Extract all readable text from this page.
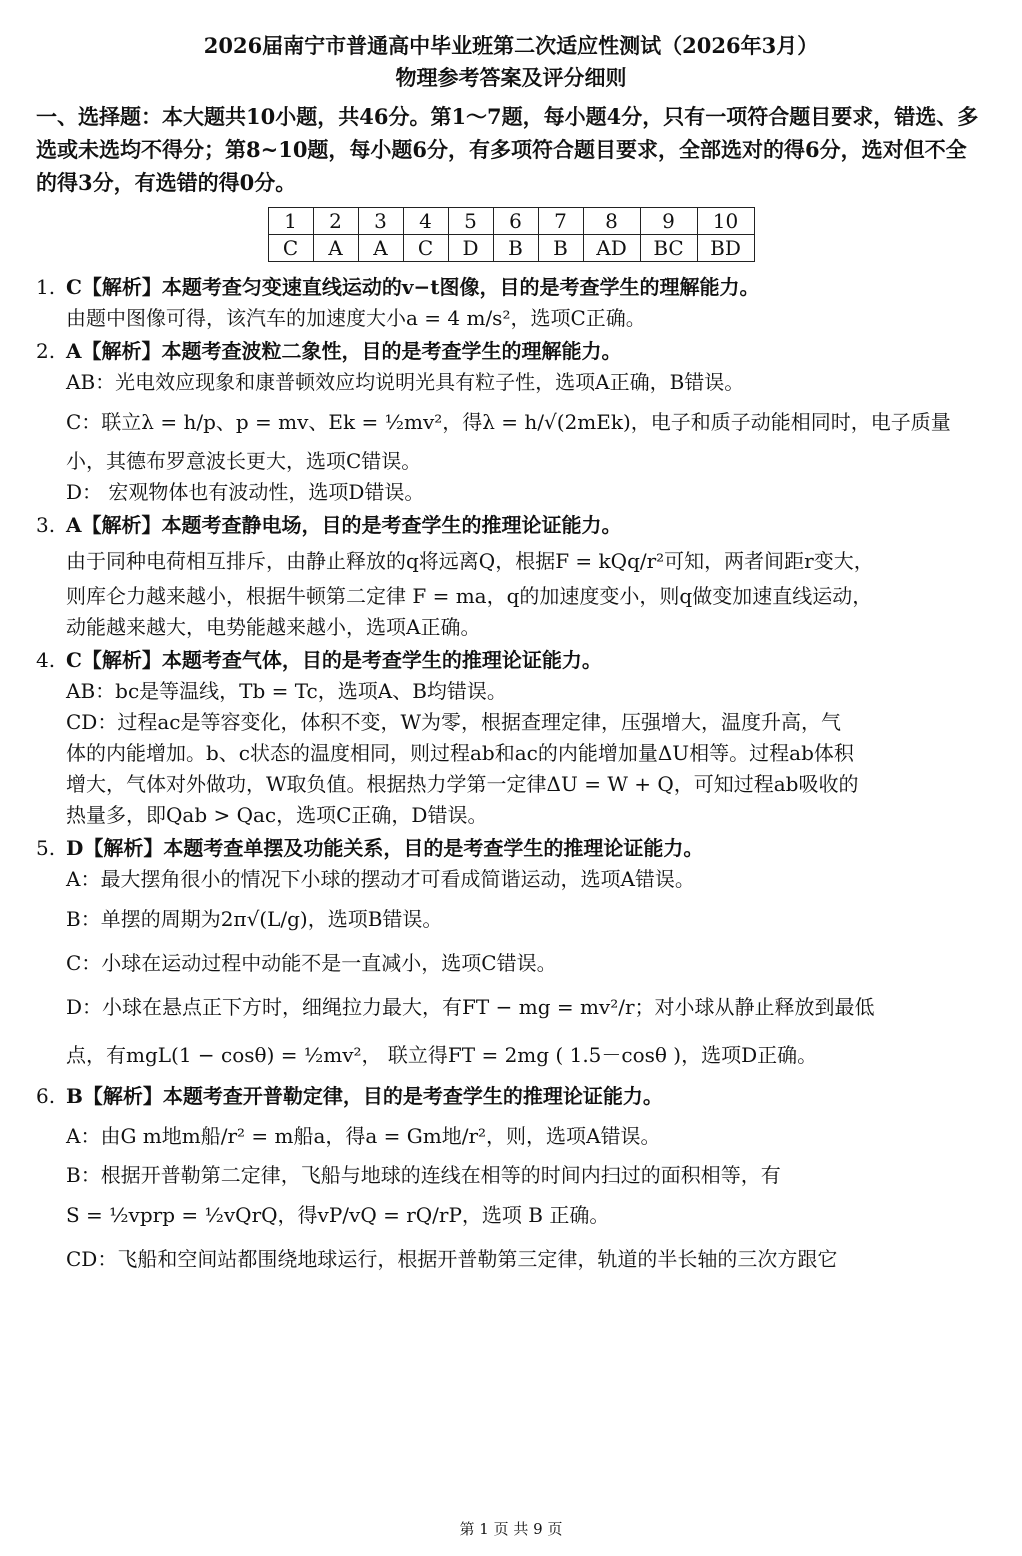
2026届南宁市普通高中毕业班第二次适应性测试（2026年3月）
物理参考答案及评分细则
一、选择题：本大题共10小题，共46分。第1～7题，每小题4分，只有一项符合题目要求，错选、多选或未选均不得分；第8~10题，每小题6分，有多项符合题目要求，全部选对的得6分，选对但不全的得3分，有选错的得0分。
1	2	3	4	5	6	7	8	9	10
C	A	A	C	D	B	B	AD	BC	BD
1. C【解析】本题考查匀变速直线运动的v−t图像，目的是考查学生的理解能力。
由题中图像可得，该汽车的加速度大小a = 4 m/s²，选项C正确。
2. A【解析】本题考查波粒二象性，目的是考查学生的理解能力。
AB：光电效应现象和康普顿效应均说明光具有粒子性，选项A正确，B错误。
C：联立λ = h/p、p = mv、Ek = ½mv²，得λ = h/√(2mEk)，电子和质子动能相同时，电子质量
小，其德布罗意波长更大，选项C错误。
D： 宏观物体也有波动性，选项D错误。
3. A【解析】本题考查静电场，目的是考查学生的推理论证能力。
由于同种电荷相互排斥，由静止释放的q将远离Q，根据F = kQq/r²可知，两者间距r变大，
则库仑力越来越小，根据牛顿第二定律 F = ma，q的加速度变小，则q做变加速直线运动，
动能越来越大，电势能越来越小，选项A正确。
4. C【解析】本题考查气体，目的是考查学生的推理论证能力。
AB：bc是等温线，Tb = Tc，选项A、B均错误。
CD：过程ac是等容变化，体积不变，W为零，根据查理定律，压强增大，温度升高，气
体的内能增加。b、c状态的温度相同，则过程ab和ac的内能增加量ΔU相等。过程ab体积
增大，气体对外做功，W取负值。根据热力学第一定律ΔU = W + Q，可知过程ab吸收的
热量多，即Qab > Qac，选项C正确，D错误。
5. D【解析】本题考查单摆及功能关系，目的是考查学生的推理论证能力。
A：最大摆角很小的情况下小球的摆动才可看成简谐运动，选项A错误。
B：单摆的周期为2π√(L/g)，选项B错误。
C：小球在运动过程中动能不是一直减小，选项C错误。
D：小球在悬点正下方时，细绳拉力最大，有FT − mg = mv²/r；对小球从静止释放到最低
点，有mgL(1 − cosθ) = ½mv²， 联立得FT = 2mg ( 1.5－cosθ )，选项D正确。
6. B【解析】本题考查开普勒定律，目的是考查学生的推理论证能力。
A：由G m地m船/r² = m船a，得a = Gm地/r²，则，选项A错误。
B：根据开普勒第二定律，飞船与地球的连线在相等的时间内扫过的面积相等，有
S = ½vprp = ½vQrQ，得vP/vQ = rQ/rP，选项 B 正确。
CD：飞船和空间站都围绕地球运行，根据开普勒第三定律，轨道的半长轴的三次方跟它
第 1 页 共 9 页
